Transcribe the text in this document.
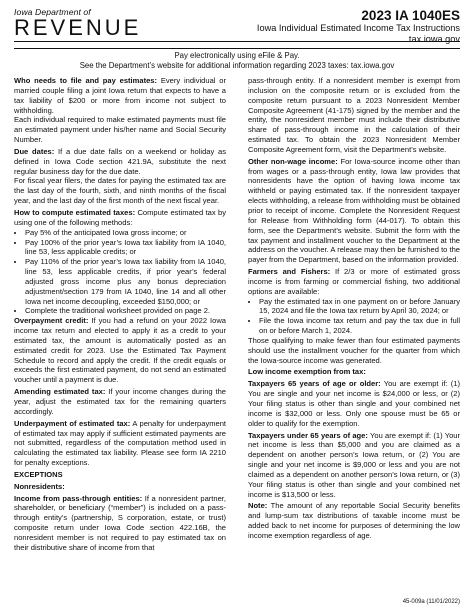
Iowa Department of
REVENUE	2023 IA 1040ES
Iowa Individual Estimated Income Tax Instructions
tax.iowa.gov
Pay electronically using eFile & Pay.
See the Department’s website for additional information regarding 2023 taxes: tax.iowa.gov

Who needs to file and pay estimates: Every individual or married couple filing a joint Iowa return that expects to have a tax liability of $200 or more from income not subject to withholding.

Each individual required to make estimated payments must file an estimated payment under his/her name and Social Security Number.

Due dates: If a due date falls on a weekend or holiday as defined in Iowa Code section 421.9A, substitute the next regular business day for the due date.

For fiscal year filers, the dates for paying the estimated tax are the last day of the fourth, sixth, and ninth months of the fiscal year, and the last day of the first month of the next fiscal year.

How to compute estimated taxes: Compute estimated tax by using one of the following methods:

• Pay 5% of the anticipated Iowa gross income; or
• Pay 100% of the prior year’s Iowa tax liability from IA 1040, line 53, less applicable credits; or
• Pay 110% of the prior year’s Iowa tax liability from IA 1040, line 53, less applicable credits, if prior year’s federal adjusted gross income plus any bonus depreciation adjustment/section 179 from IA 1040, line 14 and all other Iowa net income decoupling, exceeded $150,000; or
• Complete the traditional worksheet provided on page 2.

Overpayment credit: If you had a refund on your 2022 Iowa income tax return and elected to apply it as a credit to your estimated tax, the amount is automatically posted as an estimated credit for 2023. Use the Estimated Tax Payment Schedule to record and apply the credit. If the credit equals or exceeds the first estimated payment, do not send an estimated voucher until a payment is due.

Amending estimated tax: If your income changes during the year, adjust the estimated tax for the remaining quarters accordingly.

Underpayment of estimated tax: A penalty for underpayment of estimated tax may apply if sufficient estimated payments are not submitted, regardless of the computation method used in calculating the estimated tax liability. Please see form IA 2210 for penalty exceptions.

EXCEPTIONS

Nonresidents:

Income from pass-through entities: If a nonresident partner, shareholder, or beneficiary (“member”) is included on a pass-through entity’s (partnership, S corporation, estate, or trust) composite return under Iowa Code section 422.16B, the nonresident member is not required to pay estimated tax on their distributive share of income from that

pass-through entity. If a nonresident member is exempt from inclusion on the composite return or is excluded from the composite return pursuant to a 2023 Nonresident Member Composite Agreement (41-175) signed by the member and the entity, the nonresident member must include their distributive share of pass-through income in the calculation of their estimated tax. To obtain the 2023 Nonresident Member Composite Agreement form, visit the Department’s website.

Other non-wage income: For Iowa-source income other than from wages or a pass-through entity, Iowa law provides that nonresidents have the option of having Iowa income tax withheld or paying estimated tax. If the nonresident taxpayer elects withholding, a release from withholding must be obtained prior to receipt of income. Complete the Nonresident Request for Release from Withholding form (44-017). To obtain this form, see the Department’s website. Submit the form with the tax payment and installment voucher to the Department at the address on the voucher. A release may then be furnished to the payer from the Department, based on the information provided.

Farmers and Fishers: If 2/3 or more of estimated gross income is from farming or commercial fishing, two additional options are available:

• Pay the estimated tax in one payment on or before January 15, 2024 and file the Iowa tax return by April 30, 2024; or
• File the Iowa income tax return and pay the tax due in full on or before March 1, 2024.

Those qualifying to make fewer than four estimated payments should use the installment voucher for the quarter from which the Iowa-source income was generated.

Low income exemption from tax:

Taxpayers 65 years of age or older: You are exempt if: (1) You are single and your net income is $24,000 or less, or (2) Your filing status is other than single and your combined net income is $32,000 or less. Only one spouse must be 65 or older to qualify for the exemption.

Taxpayers under 65 years of age: You are exempt if: (1) Your net income is less than $5,000 and you are claimed as a dependent on another person’s Iowa return, or (2) You are single and your net income is $9,000 or less and you are not claimed as a dependent on another person’s Iowa return, or (3) Your filing status is other than single and your combined net income is $13,500 or less.

Note: The amount of any reportable Social Security benefits and lump-sum tax distributions of taxable income must be added back to net income for purposes of determining the low income exemption regardless of age.

45-009a (11/01/2022)
